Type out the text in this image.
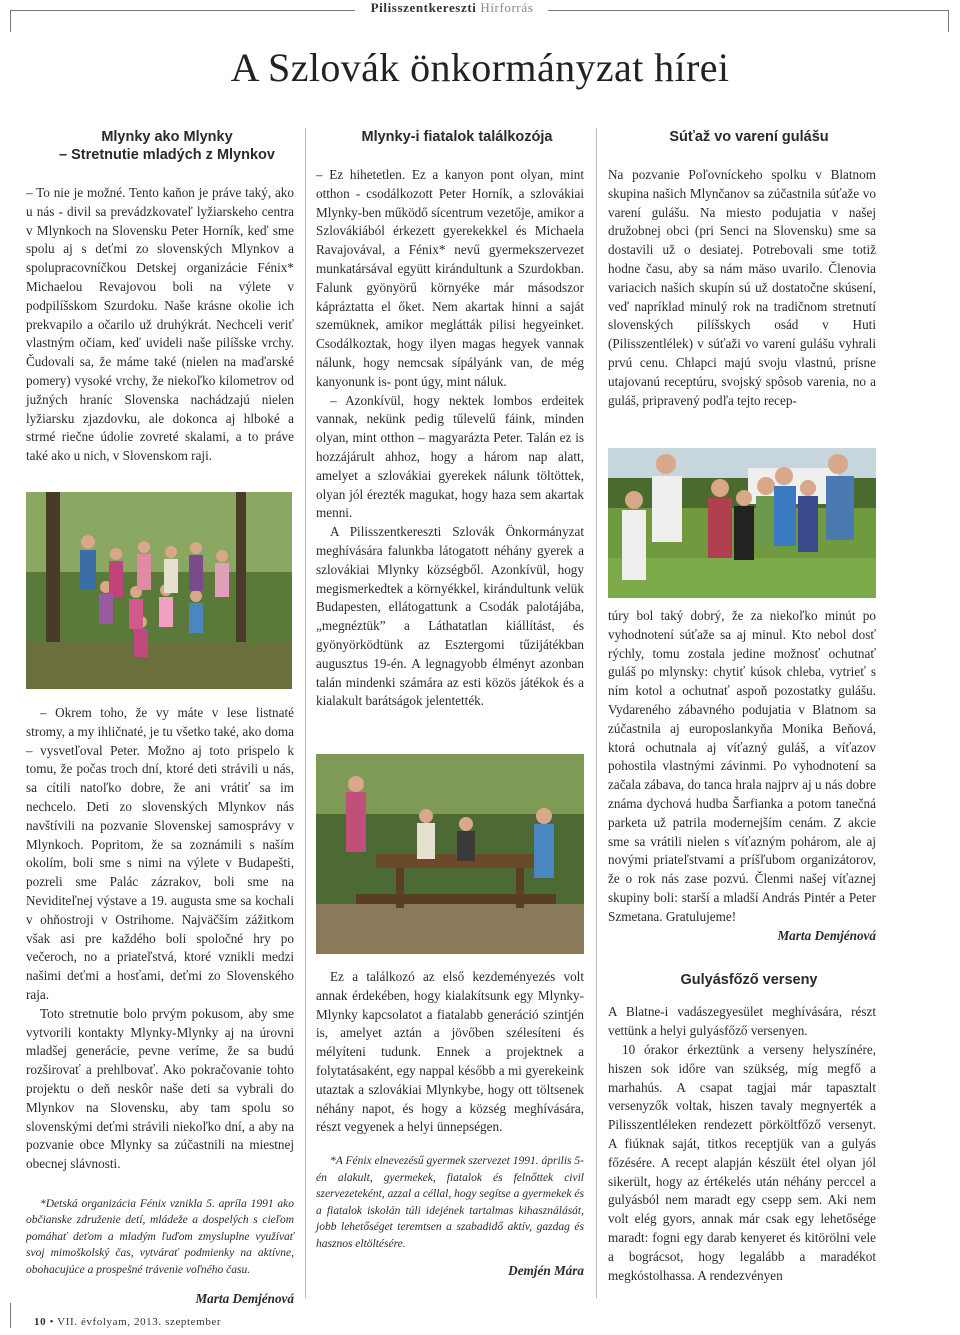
Pilisszentkereszti Hírforrás
A Szlovák önkormányzat hírei

Mlynky ako Mlynky

– Stretnutie mladých z Mlynkov

– To nie je možné. Tento kaňon je práve taký, ako u nás - divil sa prevádzkovateľ lyžiarskeho centra v Mlynkoch na Slovensku Peter Horník, keď sme spolu aj s deťmi zo slovenských Mlynkov a spolupracovníčkou Detskej organizácie Fénix* Michaelou Revajovou boli na výlete v podpilíšskom Szurdoku. Naše krásne okolie ich prekvapilo a očarilo už druhýkrát. Nechceli veriť vlastným očiam, keď uvideli naše pilíšske vrchy. Čudovali sa, že máme také (nielen na maďarské pomery) vysoké vrchy, že niekoľko kilometrov od južných hraníc Slovenska nachádzajú nielen lyžiarsku zjazdovku, ale dokonca aj hlboké a strmé riečne údolie zovreté skalami, a to práve také ako u nich, v Slovenskom raji.

– Okrem toho, že vy máte v lese listnaté stromy, a my ihličnaté, je tu všetko také, ako doma – vysvetľoval Peter. Možno aj toto prispelo k tomu, že počas troch dní, ktoré deti strávili u nás, sa cítili natoľko dobre, že ani vrátiť sa im nechcelo. Deti zo slovenských Mlynkov nás navštívili na pozvanie Slovenskej samosprávy v Mlynkoch. Popritom, že sa zoznámili s naším okolím, boli sme s nimi na výlete v Budapešti, pozreli sme Palác zázrakov, boli sme na Neviditeľnej výstave a 19. augusta sme sa kochali v ohňostroji v Ostrihome. Najväčším zážitkom však asi pre každého boli spoločné hry po večeroch, no a priateľstvá, ktoré vznikli medzi našimi deťmi a hosťami, deťmi zo Slovenského raja.

Toto stretnutie bolo prvým pokusom, aby sme vytvorili kontakty Mlynky-Mlynky aj na úrovni mladšej generácie, pevne veríme, že sa budú rozširovať a prehlbovať. Ako pokračovanie tohto projektu o deň neskôr naše deti sa vybrali do Mlynkov na Slovensku, aby tam spolu so slovenskými deťmi strávili niekoľko dní, a aby na pozvanie obce Mlynky sa zúčastnili na miestnej obecnej slávnosti.

*Detská organizácia Fénix vznikla 5. apríla 1991 ako občianske združenie detí, mládeže a dospelých s cieľom pomáhať deťom a mladým ľuďom zmysluplne využívať svoj mimoškolský čas, vytvárať podmienky na aktívne, obohacujúce a prospešné trávenie voľného času.

Marta Demjénová

Mlynky-i fiatalok találkozója

– Ez hihetetlen. Ez a kanyon pont olyan, mint otthon - csodálkozott Peter Horník, a szlovákiai Mlynky-ben működő sícentrum vezetője, amikor a Szlovákiából érkezett gyerekekkel és Michaela Ravajovával, a Fénix* nevű gyermekszervezet munkatársával együtt kirándultunk a Szurdokban. Falunk gyönyörű környéke már másodszor kápráztatta el őket. Nem akartak hinni a saját szemüknek, amikor meglátták pilisi hegyeinket. Csodálkoztak, hogy ilyen magas hegyek vannak nálunk, hogy nemcsak sípályánk van, de még kanyonunk is- pont úgy, mint náluk.

– Azonkívül, hogy nektek lombos erdeitek vannak, nekünk pedig tűlevelű fáink, minden olyan, mint otthon – magyarázta Peter. Talán ez is hozzájárult ahhoz, hogy a három nap alatt, amelyet a szlovákiai gyerekek nálunk töltöttek, olyan jól érezték magukat, hogy haza sem akartak menni.

A Pilisszentkereszti Szlovák Önkormányzat meghívására falunkba látogatott néhány gyerek a szlovákiai Mlynky községből. Azonkívül, hogy megismerkedtek a környékkel, kirándultunk velük Budapesten, ellátogattunk a Csodák palotájába, „megnéztük” a Láthatatlan kiállítást, és gyönyörködtünk az Esztergomi tűzijátékban augusztus 19-én. A legnagyobb élményt azonban talán mindenki számára az esti közös játékok és a kialakult barátságok jelentették.

Ez a találkozó az első kezdeményezés volt annak érdekében, hogy kialakítsunk egy Mlynky-Mlynky kapcsolatot a fiatalabb generáció szintjén is, amelyet aztán a jövőben szélesíteni és mélyíteni tudunk. Ennek a projektnek a folytatásaként, egy nappal később a mi gyerekeink utaztak a szlovákiai Mlynkybe, hogy ott töltsenek néhány napot, és hogy a község meghívására, részt vegyenek a helyi ünnepségen.

*A Fénix elnevezésű gyermek szervezet 1991. április 5-én alakult, gyermekek, fiatalok és felnőttek civil szervezeteként, azzal a céllal, hogy segítse a gyermekek és a fiatalok iskolán túli idejének tartalmas kihasználását, jobb lehetőséget teremtsen a szabadidő aktív, gazdag és hasznos eltöltésére.

Demjén Mára

Súťaž vo varení gulášu

Na pozvanie Poľovníckeho spolku v Blatnom skupina našich Mlynčanov sa zúčastnila súťaže vo varení gulášu. Na miesto podujatia v našej družobnej obci (pri Senci na Slovensku) sme sa dostavili už o desiatej. Potrebovali sme totiž hodne času, aby sa nám mäso uvarilo. Členovia variacich našich skupín sú už dostatočne skúsení, veď napríklad minulý rok na tradičnom stretnutí slovenských pilíšskych osád v Huti (Pilisszentlélek) v súťaži vo varení gulášu vyhrali prvú cenu. Chlapci majú svoju vlastnú, prísne utajovanú receptúru, svojský spôsob varenia, no a guláš, pripravený podľa tejto recep-

túry bol taký dobrý, že za niekoľko minút po vyhodnotení súťaže sa aj minul. Kto nebol dosť rýchly, tomu zostala jedine možnosť ochutnať guláš po mlynsky: chytiť kúsok chleba, vytrieť s ním kotol a ochutnať aspoň pozostatky gulášu. Vydareného zábavného podujatia v Blatnom sa zúčastnila aj europoslankyňa Monika Beňová, ktorá ochutnala aj víťazný guláš, a víťazov pohostila vlastnými závinmi. Po vyhodnotení sa začala zábava, do tanca hrala najprv aj u nás dobre známa dychová hudba Šarfianka a potom tanečná parketa už patrila modernejším cenám. Z akcie sme sa vrátili nielen s víťazným pohárom, ale aj novými priateľstvami a príšľubom organizátorov, že o rok nás zase pozvú. Členmi našej víťaznej skupiny boli: starší a mladší András Pintér a Peter Szmetana. Gratulujeme!

Marta Demjénová

Gulyásfőző verseny

A Blatne-i vadászegyesület meghívására, részt vettünk a helyi gulyásfőző versenyen.

10 órakor érkeztünk a verseny helyszínére, hiszen sok időre van szükség, míg megfő a marhahús. A csapat tagjai már tapasztalt versenyzők voltak, hiszen tavaly megnyerték a Pilisszentléleken rendezett pörköltfőző versenyt. A fiúknak saját, titkos receptjük van a gulyás főzésére. A recept alapján készült étel olyan jól sikerült, hogy az értékelés után néhány perccel a gulyásból nem maradt egy csepp sem. Aki nem volt elég gyors, annak már csak egy lehetősége maradt: fogni egy darab kenyeret és kitörölni vele a bográcsot, hogy legalább a maradékot megkóstolhassa. A rendezvényen

10 • VII. évfolyam, 2013. szeptember
